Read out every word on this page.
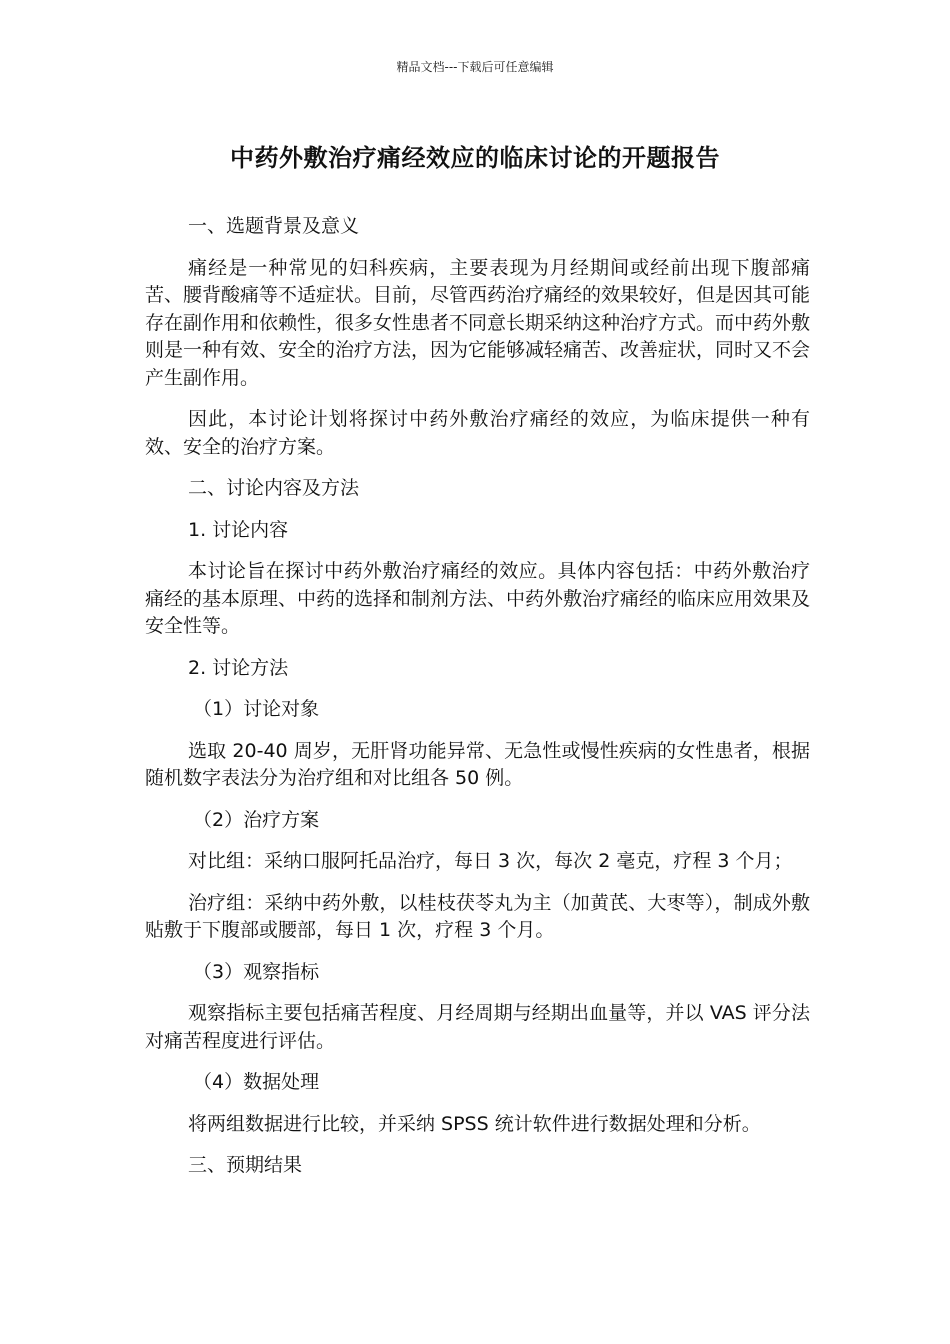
精品文档---下载后可任意编辑
中药外敷治疗痛经效应的临床讨论的开题报告
一、选题背景及意义
痛经是一种常见的妇科疾病，主要表现为月经期间或经前出现下腹部痛苦、腰背酸痛等不适症状。目前，尽管西药治疗痛经的效果较好，但是因其可能存在副作用和依赖性，很多女性患者不同意长期采纳这种治疗方式。而中药外敷则是一种有效、安全的治疗方法，因为它能够减轻痛苦、改善症状，同时又不会产生副作用。
因此，本讨论计划将探讨中药外敷治疗痛经的效应，为临床提供一种有效、安全的治疗方案。
二、讨论内容及方法
1. 讨论内容
本讨论旨在探讨中药外敷治疗痛经的效应。具体内容包括：中药外敷治疗痛经的基本原理、中药的选择和制剂方法、中药外敷治疗痛经的临床应用效果及安全性等。
2. 讨论方法
（1）讨论对象
选取 20-40 周岁，无肝肾功能异常、无急性或慢性疾病的女性患者，根据随机数字表法分为治疗组和对比组各 50 例。
（2）治疗方案
对比组：采纳口服阿托品治疗，每日 3 次，每次 2 毫克，疗程 3 个月；
治疗组：采纳中药外敷，以桂枝茯苓丸为主（加黄芪、大枣等），制成外敷贴敷于下腹部或腰部，每日 1 次，疗程 3 个月。
（3）观察指标
观察指标主要包括痛苦程度、月经周期与经期出血量等，并以 VAS 评分法对痛苦程度进行评估。
（4）数据处理
将两组数据进行比较，并采纳 SPSS 统计软件进行数据处理和分析。
三、预期结果
